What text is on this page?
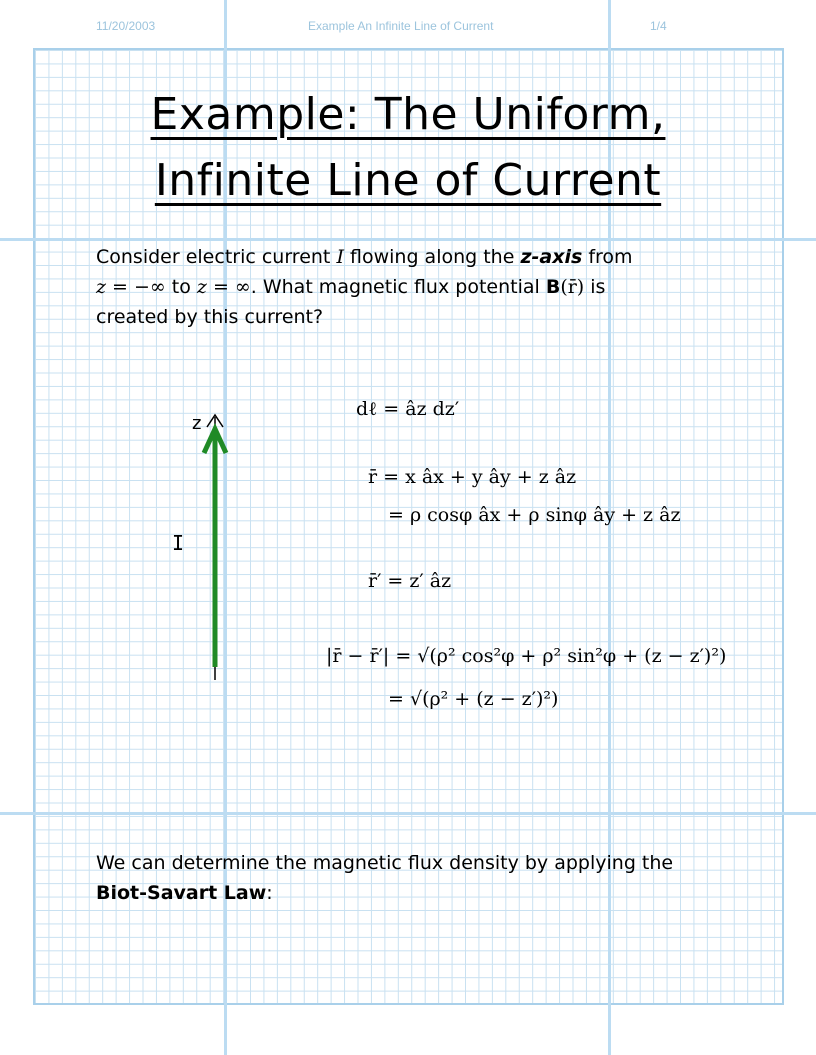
11/20/2003	Example An Infinite Line of Current	1/4
Example: The Uniform,
Infinite Line of Current
Consider electric current I flowing along the z-axis from
z = −∞ to z = ∞. What magnetic flux potential B(r̄) is
created by this current?
z
I
dℓ = âz dz′
r̄ = x âx + y ây + z âz
= ρ cosφ âx + ρ sinφ ây + z âz
r̄′ = z′ âz
|r̄ − r̄′| = √(ρ² cos²φ + ρ² sin²φ + (z − z′)²)
= √(ρ² + (z − z′)²)
We can determine the magnetic flux density by applying the
Biot-Savart Law:
